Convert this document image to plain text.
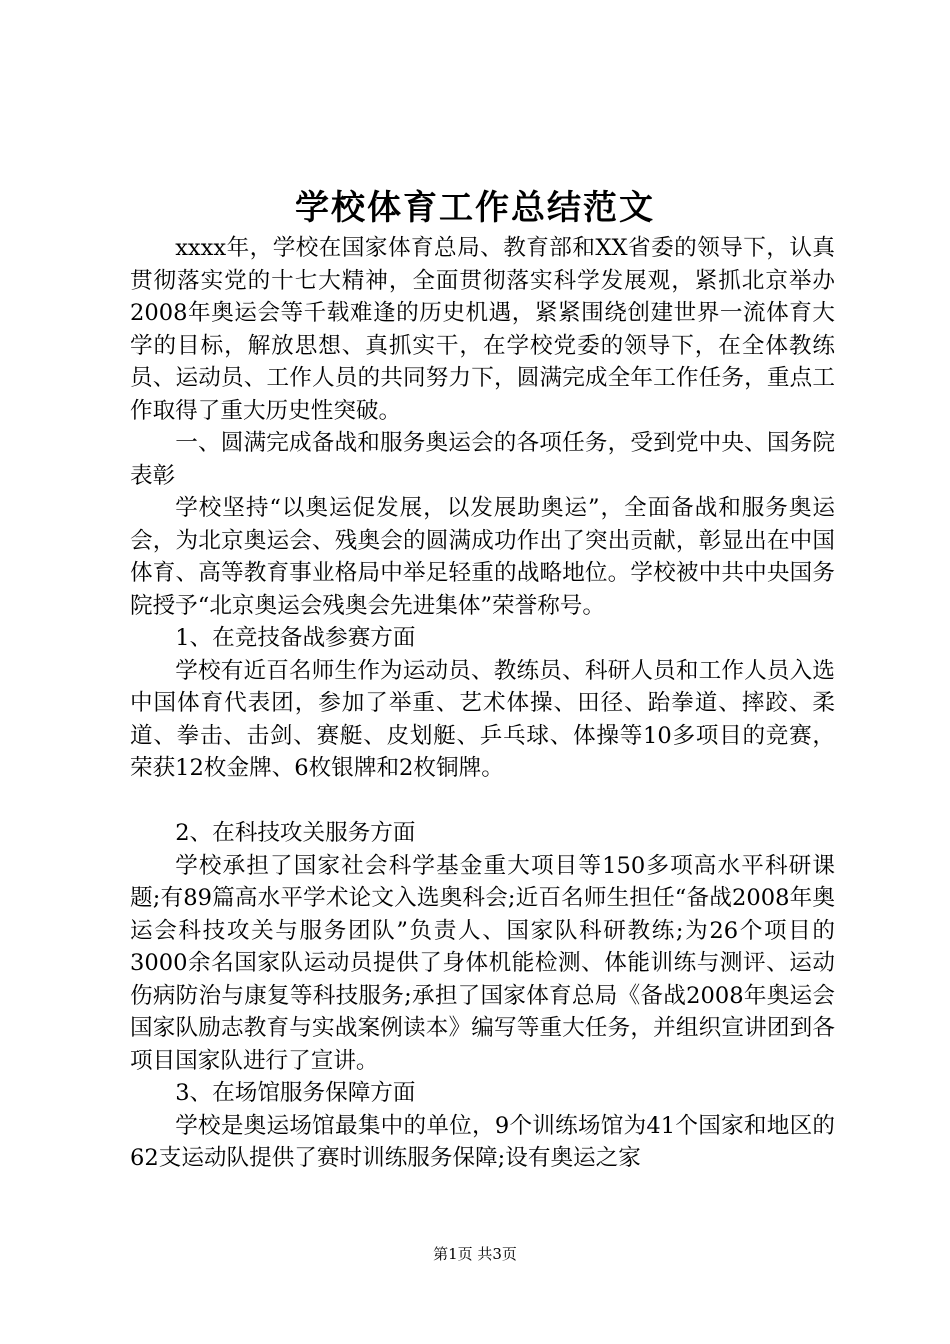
学校体育工作总结范文

xxxx年，学校在国家体育总局、教育部和XX省委的领导下，认真贯彻落实党的十七大精神，全面贯彻落实科学发展观，紧抓北京举办2008年奥运会等千载难逢的历史机遇，紧紧围绕创建世界一流体育大学的目标，解放思想、真抓实干，在学校党委的领导下，在全体教练员、运动员、工作人员的共同努力下，圆满完成全年工作任务，重点工作取得了重大历史性突破。

一、圆满完成备战和服务奥运会的各项任务，受到党中央、国务院表彰

学校坚持“以奥运促发展，以发展助奥运”，全面备战和服务奥运会，为北京奥运会、残奥会的圆满成功作出了突出贡献，彰显出在中国体育、高等教育事业格局中举足轻重的战略地位。学校被中共中央国务院授予“北京奥运会残奥会先进集体”荣誉称号。

1、在竞技备战参赛方面

学校有近百名师生作为运动员、教练员、科研人员和工作人员入选中国体育代表团，参加了举重、艺术体操、田径、跆拳道、摔跤、柔道、拳击、击剑、赛艇、皮划艇、乒乓球、体操等10多项目的竞赛，荣获12枚金牌、6枚银牌和2枚铜牌。

2、在科技攻关服务方面

学校承担了国家社会科学基金重大项目等150多项高水平科研课题;有89篇高水平学术论文入选奥科会;近百名师生担任“备战2008年奥运会科技攻关与服务团队”负责人、国家队科研教练;为26个项目的3000余名国家队运动员提供了身体机能检测、体能训练与测评、运动伤病防治与康复等科技服务;承担了国家体育总局《备战2008年奥运会国家队励志教育与实战案例读本》编写等重大任务，并组织宣讲团到各项目国家队进行了宣讲。

3、在场馆服务保障方面

学校是奥运场馆最集中的单位，9个训练场馆为41个国家和地区的62支运动队提供了赛时训练服务保障;设有奥运之家

第1页 共3页
